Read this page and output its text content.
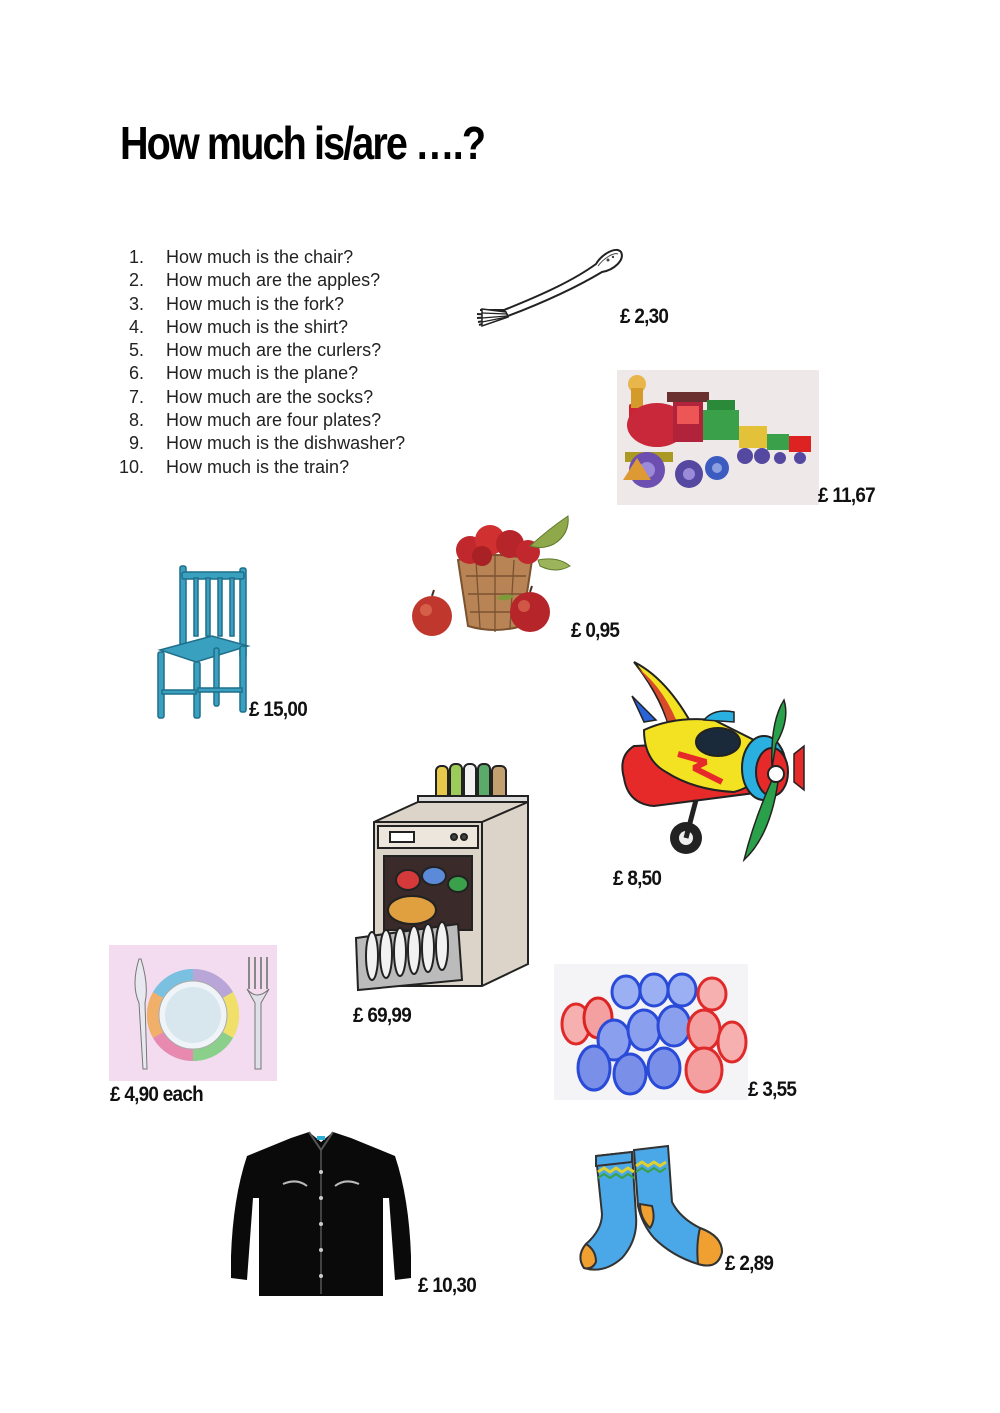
How much is/are ….?
1. How much is the chair?
2. How much are the apples?
3. How much is the fork?
4. How much is the shirt?
5. How much are the curlers?
6. How much is the plane?
7. How much are the socks?
8. How much are four plates?
9. How much is the dishwasher?
10. How much is the train?
£ 2,30
£ 11,67
£ 0,95
£ 15,00
£ 8,50
£ 69,99
£ 4,90 each	£ 3,55
£ 10,30
£ 2,89
